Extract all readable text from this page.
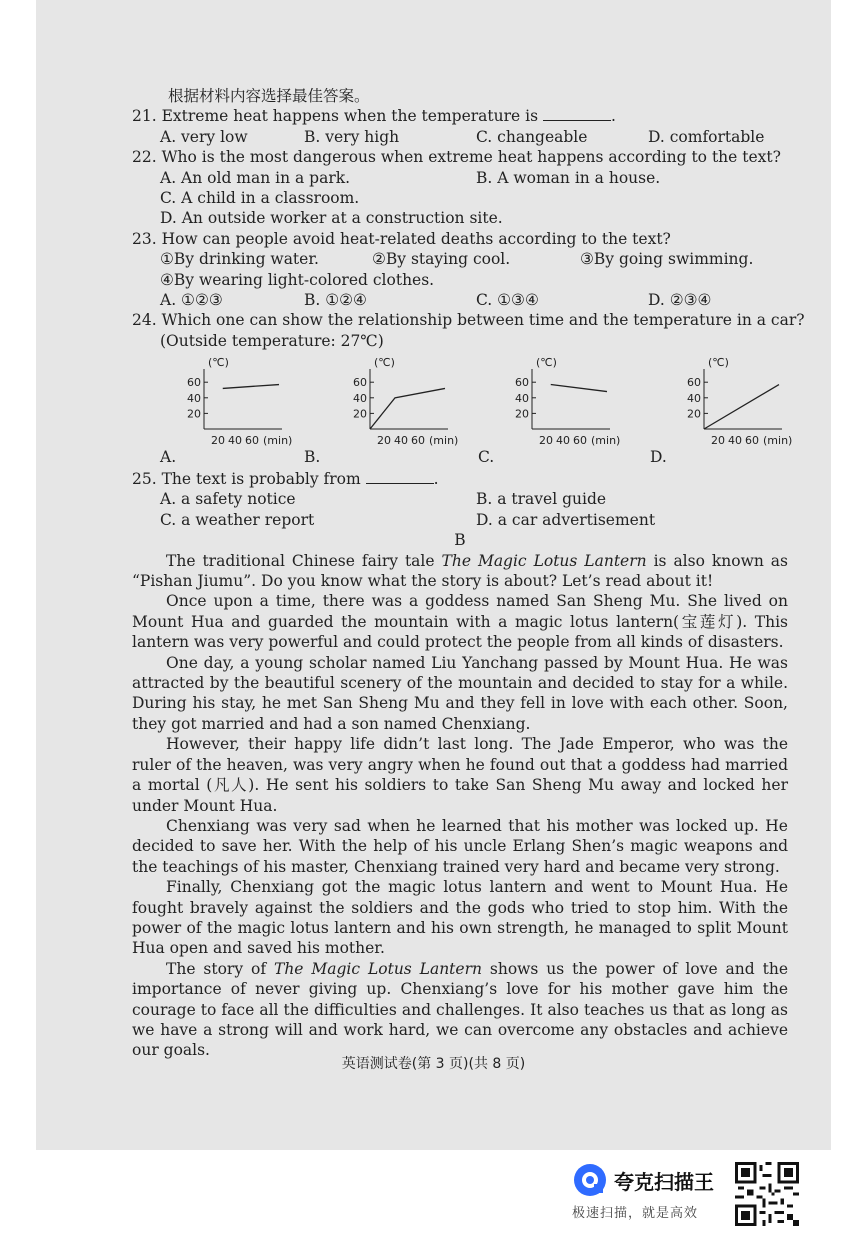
根据材料内容选择最佳答案。
21. Extreme heat happens when the temperature is	.
A. very low	B. very high	C. changeable	D. comfortable
22. Who is the most dangerous when extreme heat happens according to the text?
A. An old man in a park.	B. A woman in a house.
C. A child in a classroom.
D. An outside worker at a construction site.
23. How can people avoid heat-related deaths according to the text?
①By drinking water.	②By staying cool.	③By going swimming.
④By wearing light-colored clothes.
A. ①②③	B. ①②④	C. ①③④	D. ②③④
24. Which one can show the relationship between time and the temperature in a car?
(Outside temperature: 27℃)
(℃)
20
40
60
20 40 60 (min)
(℃)
20
40
60
20 40 60 (min)
(℃)
20
40
60
20 40 60 (min)
(℃)
20
40
60
20 40 60 (min)
A.	B.	C.	D.
25. The text is probably from	.
A. a safety notice	B. a travel guide
C. a weather report	D. a car advertisement
B

The traditional Chinese fairy tale The Magic Lotus Lantern is also known as “Pishan Jiumu”. Do you know what the story is about? Let’s read about it!

Once upon a time, there was a goddess named San Sheng Mu. She lived on Mount Hua and guarded the mountain with a magic lotus lantern(宝莲灯). This lantern was very powerful and could protect the people from all kinds of disasters.

One day, a young scholar named Liu Yanchang passed by Mount Hua. He was attracted by the beautiful scenery of the mountain and decided to stay for a while. During his stay, he met San Sheng Mu and they fell in love with each other. Soon, they got married and had a son named Chenxiang.

However, their happy life didn’t last long. The Jade Emperor, who was the ruler of the heaven, was very angry when he found out that a goddess had married a mortal (凡人). He sent his soldiers to take San Sheng Mu away and locked her under Mount Hua.

Chenxiang was very sad when he learned that his mother was locked up. He decided to save her. With the help of his uncle Erlang Shen’s magic weapons and the teachings of his master, Chenxiang trained very hard and became very strong.

Finally, Chenxiang got the magic lotus lantern and went to Mount Hua. He fought bravely against the soldiers and the gods who tried to stop him. With the power of the magic lotus lantern and his own strength, he managed to split Mount Hua open and saved his mother.

The story of The Magic Lotus Lantern shows us the power of love and the importance of never giving up. Chenxiang’s love for his mother gave him the courage to face all the difficulties and challenges. It also teaches us that as long as we have a strong will and work hard, we can overcome any obstacles and achieve our goals.

英语测试卷(第 3 页)(共 8 页)
夸克扫描王
极速扫描，就是高效
